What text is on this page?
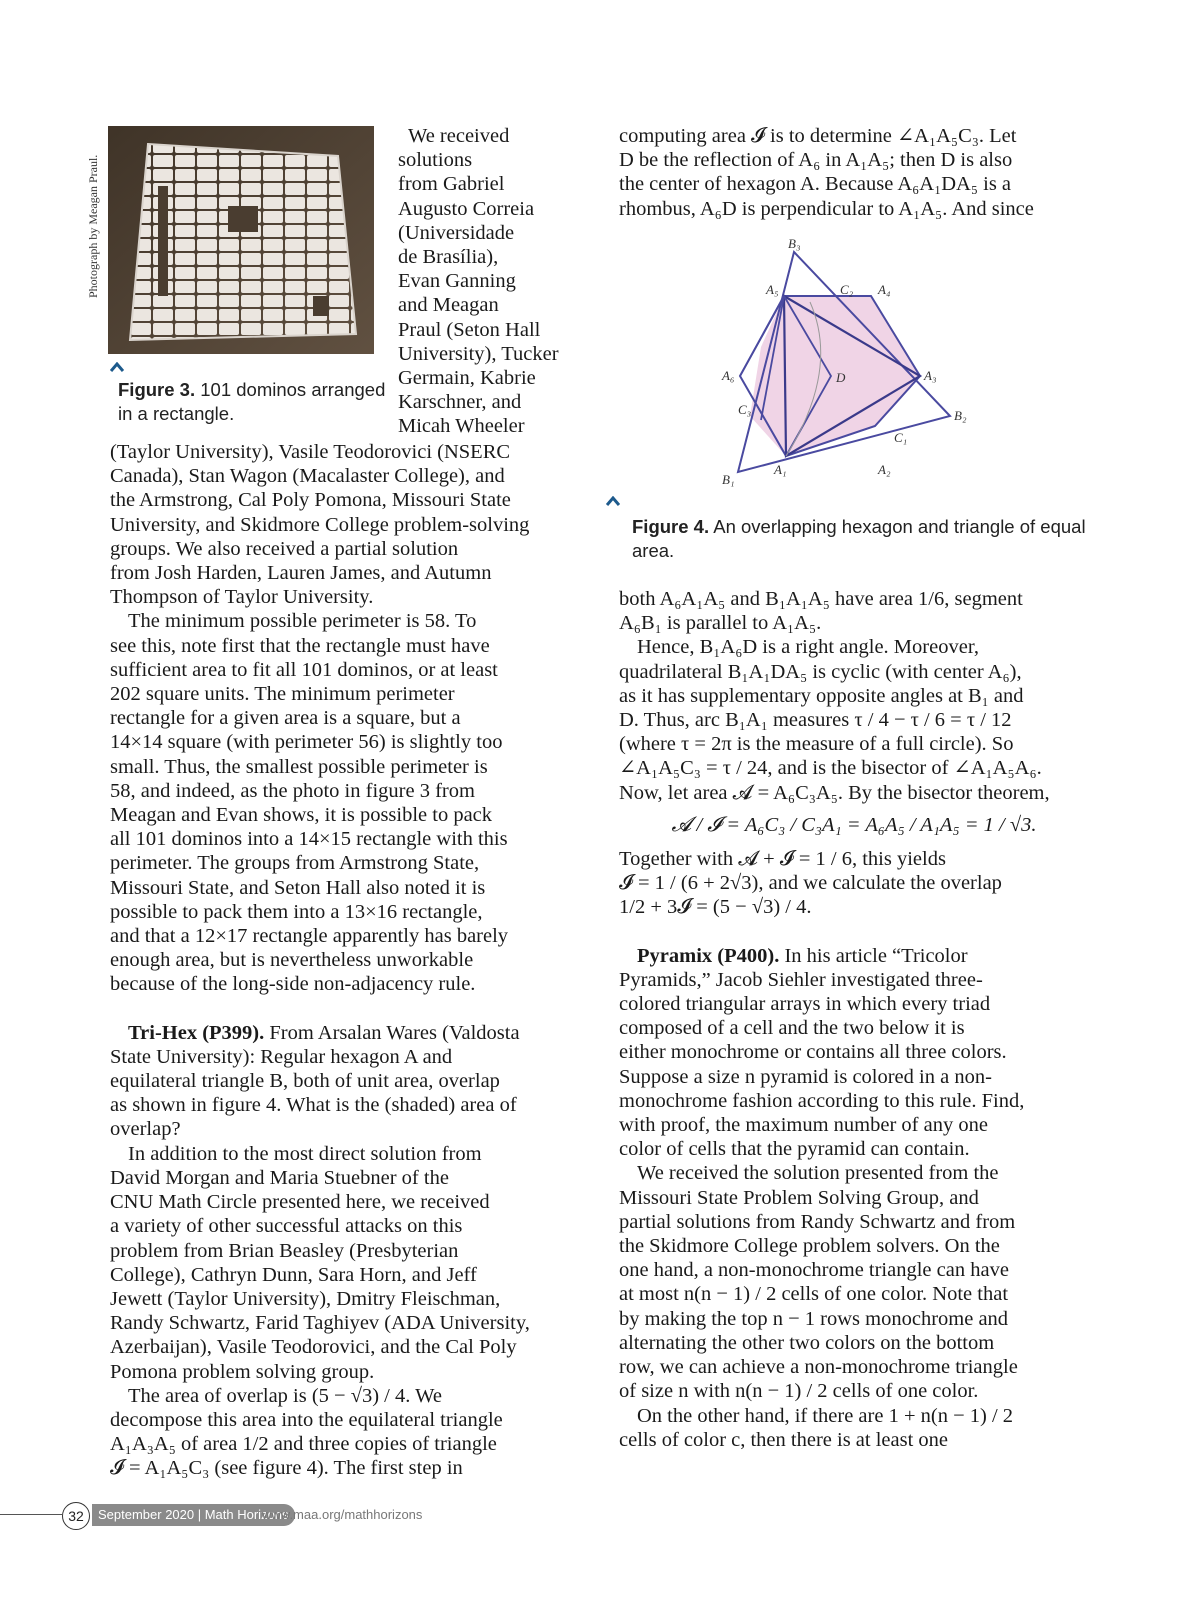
Photograph by Meagan Praul.
Figure 3. 101 dominos arranged in a rectangle.

We received

solutions

from Gabriel

Augusto Correia

(Universidade

de Brasília),

Evan Ganning

and Meagan

Praul (Seton Hall

University), Tucker

Germain, Kabrie

Karschner, and

Micah Wheeler

(Taylor University), Vasile Teodorovici (NSERC

Canada), Stan Wagon (Macalaster College), and

the Armstrong, Cal Poly Pomona, Missouri State

University, and Skidmore College problem-solving

groups. We also received a partial solution

from Josh Harden, Lauren James, and Autumn

Thompson of Taylor University.

The minimum possible perimeter is 58. To

see this, note first that the rectangle must have

sufficient area to fit all 101 dominos, or at least

202 square units. The minimum perimeter

rectangle for a given area is a square, but a

14×14 square (with perimeter 56) is slightly too

small. Thus, the smallest possible perimeter is

58, and indeed, as the photo in figure 3 from

Meagan and Evan shows, it is possible to pack

all 101 dominos into a 14×15 rectangle with this

perimeter. The groups from Armstrong State,

Missouri State, and Seton Hall also noted it is

possible to pack them into a 13×16 rectangle,

and that a 12×17 rectangle apparently has barely

enough area, but is nevertheless unworkable

because of the long-side non-adjacency rule.

Tri-Hex (P399). From Arsalan Wares (Valdosta

State University): Regular hexagon A and

equilateral triangle B, both of unit area, overlap

as shown in figure 4. What is the (shaded) area of

overlap?

In addition to the most direct solution from

David Morgan and Maria Stuebner of the

CNU Math Circle presented here, we received

a variety of other successful attacks on this

problem from Brian Beasley (Presbyterian

College), Cathryn Dunn, Sara Horn, and Jeff

Jewett (Taylor University), Dmitry Fleischman,

Randy Schwartz, Farid Taghiyev (ADA University,

Azerbaijan), Vasile Teodorovici, and the Cal Poly

Pomona problem solving group.

The area of overlap is (5 − √3) / 4. We

decompose this area into the equilateral triangle

A₁A₃A₅ of area 1/2 and three copies of triangle

𝓘 = A₁A₅C₃ (see figure 4). The first step in

computing area 𝓘 is to determine ∠A₁A₅C₃. Let

D be the reflection of A₆ in A₁A₅; then D is also

the center of hexagon A. Because A₆A₁DA₅ is a

rhombus, A₆D is perpendicular to A₁A₅. And since

B₃
A₅	C₂ A₄
A₆	D	A₃
C₃	B₂
C₁
A₁	A₂
B₁
Figure 4. An overlapping hexagon and triangle of equal area.

both A₆A₁A₅ and B₁A₁A₅ have area 1/6, segment

A₆B₁ is parallel to A₁A₅.

Hence, B₁A₆D is a right angle. Moreover,

quadrilateral B₁A₁DA₅ is cyclic (with center A₆),

as it has supplementary opposite angles at B₁ and

D. Thus, arc B₁A₁ measures τ / 4 − τ / 6 = τ / 12

(where τ = 2π is the measure of a full circle). So

∠A₁A₅C₃ = τ / 24, and is the bisector of ∠A₁A₅A₆.

Now, let area 𝓐 = A₆C₃A₅. By the bisector theorem,

𝓐 / 𝓘 = A₆C₃ / C₃A₁ = A₆A₅ / A₁A₅ = 1 / √3.

Together with 𝓐 + 𝓘 = 1 / 6, this yields

𝓘 = 1 / (6 + 2√3), and we calculate the overlap

1/2 + 3𝓘 = (5 − √3) / 4.

Pyramix (P400). In his article “Tricolor

Pyramids,” Jacob Siehler investigated three-

colored triangular arrays in which every triad

composed of a cell and the two below it is

either monochrome or contains all three colors.

Suppose a size n pyramid is colored in a non-

monochrome fashion according to this rule. Find,

with proof, the maximum number of any one

color of cells that the pyramid can contain.

We received the solution presented from the

Missouri State Problem Solving Group, and

partial solutions from Randy Schwartz and from

the Skidmore College problem solvers. On the

one hand, a non-monochrome triangle can have

at most n(n − 1) / 2 cells of one color. Note that

by making the top n − 1 rows monochrome and

alternating the other two colors on the bottom

row, we can achieve a non-monochrome triangle

of size n with n(n − 1) / 2 cells of one color.

On the other hand, if there are 1 + n(n − 1) / 2

cells of color c, then there is at least one

32	September 2020 | Math Horizons
www.maa.org/mathhorizons
